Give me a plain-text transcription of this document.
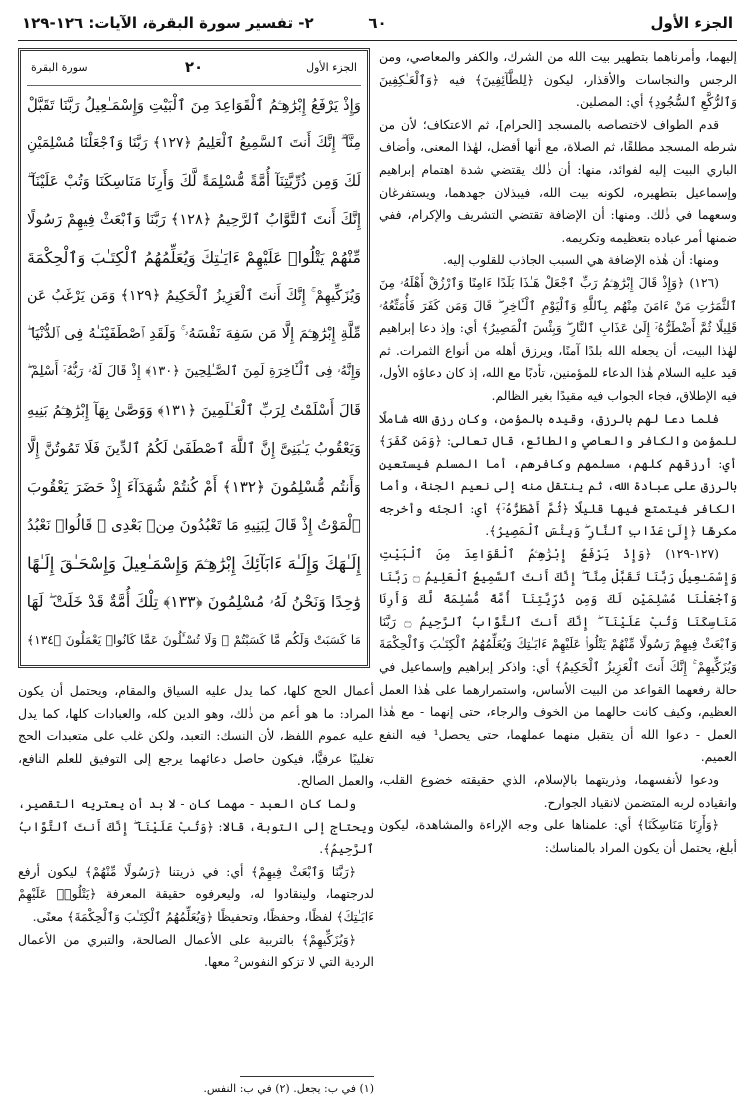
الجزء الأول
٦٠
٢- تفسير سورة البقرة، الآيات: ١٢٦-١٢٩

إليهما، وأمرناهما بتطهير بيت الله من الشرك، والكفر والمعاصي، ومن الرجس والنجاسات والأقذار، ليكون ﴿لِلطَّآئِفِينَ﴾ فيه ﴿وَٱلْعَـٰكِفِينَ وَٱلرُّكَّعِ ٱلسُّجُودِ﴾ أي: المصلين.

قدم الطواف لاختصاصه بالمسجد [الحرام]، ثم الاعتكاف؛ لأن من شرطه المسجد مطلقًا، ثم الصلاة، مع أنها أفضل، لهٰذا المعنى، وأضاف الباري البيت إليه لفوائد، منها: أن ذٰلك يقتضي شدة اهتمام إبراهيم وإسماعيل بتطهيره، لكونه بيت الله، فيبذلان جهدهما، ويستفرغان وسعهما في ذٰلك. ومنها: أن الإضافة تقتضي التشريف والإكرام، ففي ضمنها أمر عباده بتعظيمه وتكريمه.

ومنها: أن هٰذه الإضافة هي السبب الجاذب للقلوب إليه.

(١٢٦) ﴿وَإِذْ قَالَ إِبْرَٰهِـۧمُ رَبِّ ٱجْعَلْ هَـٰذَا بَلَدًا ءَامِنًا وَٱرْزُقْ أَهْلَهُۥ مِنَ ٱلثَّمَرَٰتِ مَنْ ءَامَنَ مِنْهُم بِٱللَّهِ وَٱلْيَوْمِ ٱلْـَٔاخِرِ ۖ قَالَ وَمَن كَفَرَ فَأُمَتِّعُهُۥ قَلِيلًا ثُمَّ أَضْطَرُّهُۥٓ إِلَىٰ عَذَابِ ٱلنَّارِ ۖ وَبِئْسَ ٱلْمَصِيرُ﴾ أي: وإذ دعا إبراهيم لهٰذا البيت، أن يجعله الله بلدًا آمنًا، ويرزق أهله من أنواع الثمرات. ثم قيد عليه السلام هٰذا الدعاء للمؤمنين، تأدبًا مع الله، إذ كان دعاؤه الأول، فيه الإطلاق، فجاء الجواب فيه مقيدًا بغير الظالم.

فلما دعا لهم بالرزق، وقيده بالمؤمن، وكان رزق الله شاملًا للمؤمن والكافر والعاصي والطائع، قال تعالى: ﴿وَمَن كَفَرَ﴾ أي: أرزقهم كلهم، مسلمهم وكافرهم، أما المسلم فيستعين بالرزق على عبادة الله، ثم ينتقل منه إلى نعيم الجنة، وأما الكافر فيتمتع فيها قليلًا ﴿ثُمَّ أَضْطَرُّهُۥٓ﴾ أي: ألجئه وأخرجه مكرهًا ﴿إِلَىٰ عَذَابِ ٱلنَّارِ ۖ وَبِئْسَ ٱلْمَصِيرُ﴾.

(١٢٧-١٢٩) ﴿وَإِذْ يَرْفَعُ إِبْرَٰهِـۧمُ ٱلْقَوَاعِدَ مِنَ ٱلْبَيْتِ وَإِسْمَـٰعِيلُ رَبَّنَا تَقَبَّلْ مِنَّآ ۖ إِنَّكَ أَنتَ ٱلسَّمِيعُ ٱلْعَلِيمُ ۝ رَبَّنَا وَٱجْعَلْنَا مُسْلِمَيْنِ لَكَ وَمِن ذُرِّيَّتِنَآ أُمَّةً مُّسْلِمَةً لَّكَ وَأَرِنَا مَنَاسِكَنَا وَتُبْ عَلَيْنَآ ۖ إِنَّكَ أَنتَ ٱلتَّوَّابُ ٱلرَّحِيمُ ۝ رَبَّنَا وَٱبْعَثْ فِيهِمْ رَسُولًا مِّنْهُمْ يَتْلُوا۟ عَلَيْهِمْ ءَايَـٰتِكَ وَيُعَلِّمُهُمُ ٱلْكِتَـٰبَ وَٱلْحِكْمَةَ وَيُزَكِّيهِمْ ۚ إِنَّكَ أَنتَ ٱلْعَزِيزُ ٱلْحَكِيمُ﴾ أي: واذكر إبراهيم وإسماعيل في حالة رفعهما القواعد من البيت الأساس، واستمرارهما على هٰذا العمل العظيم، وكيف كانت حالهما من الخوف والرجاء، حتى إنهما - مع هٰذا العمل - دعوا الله أن يتقبل منهما عملهما، حتى يحصل¹ فيه النفع العميم.

ودعوا لأنفسهما، وذريتهما بالإسلام، الذي حقيقته خضوع القلب، وانقياده لربه المتضمن لانقياد الجوارح.

﴿وَأَرِنَا مَنَاسِكَنَا﴾ أي: علمناها على وجه الإراءة والمشاهدة، ليكون أبلغ، يحتمل أن يكون المراد بالمناسك:

الجزء الأول
٢٠
سورة البقرة
وَإِذْ يَرْفَعُ إِبْرَٰهِـۧمُ ٱلْقَوَاعِدَ مِنَ ٱلْبَيْتِ وَإِسْمَـٰعِيلُ رَبَّنَا تَقَبَّلْ
مِنَّآ ۖ إِنَّكَ أَنتَ ٱلسَّمِيعُ ٱلْعَلِيمُ ﴿١٢٧﴾ رَبَّنَا وَٱجْعَلْنَا مُسْلِمَيْنِ
لَكَ وَمِن ذُرِّيَّتِنَآ أُمَّةً مُّسْلِمَةً لَّكَ وَأَرِنَا مَنَاسِكَنَا وَتُبْ عَلَيْنَآ ۖ
إِنَّكَ أَنتَ ٱلتَّوَّابُ ٱلرَّحِيمُ ﴿١٢٨﴾ رَبَّنَا وَٱبْعَثْ فِيهِمْ رَسُولًا
مِّنْهُمْ يَتْلُوا۟ عَلَيْهِمْ ءَايَـٰتِكَ وَيُعَلِّمُهُمُ ٱلْكِتَـٰبَ وَٱلْحِكْمَةَ
وَيُزَكِّيهِمْ ۚ إِنَّكَ أَنتَ ٱلْعَزِيزُ ٱلْحَكِيمُ ﴿١٢٩﴾ وَمَن يَرْغَبُ عَن
مِّلَّةِ إِبْرَٰهِـۧمَ إِلَّا مَن سَفِهَ نَفْسَهُۥ ۚ وَلَقَدِ ٱصْطَفَيْنَـٰهُ فِى ٱلدُّنْيَا ۖ
وَإِنَّهُۥ فِى ٱلْـَٔاخِرَةِ لَمِنَ ٱلصَّـٰلِحِينَ ﴿١٣٠﴾ إِذْ قَالَ لَهُۥ رَبُّهُۥٓ أَسْلِمْ ۖ
قَالَ أَسْلَمْتُ لِرَبِّ ٱلْعَـٰلَمِينَ ﴿١٣١﴾ وَوَصَّىٰ بِهَآ إِبْرَٰهِـۧمُ بَنِيهِ
وَيَعْقُوبُ يَـٰبَنِىَّ إِنَّ ٱللَّهَ ٱصْطَفَىٰ لَكُمُ ٱلدِّينَ فَلَا تَمُوتُنَّ إِلَّا
وَأَنتُم مُّسْلِمُونَ ﴿١٣٢﴾ أَمْ كُنتُمْ شُهَدَآءَ إِذْ حَضَرَ يَعْقُوبَ
ٱلْمَوْتُ إِذْ قَالَ لِبَنِيهِ مَا تَعْبُدُونَ مِنۢ بَعْدِى ۖ قَالُوا۟ نَعْبُدُ
إِلَـٰهَكَ وَإِلَـٰهَ ءَابَآئِكَ إِبْرَٰهِـۧمَ وَإِسْمَـٰعِيلَ وَإِسْحَـٰقَ إِلَـٰهًا
وَٰحِدًا وَنَحْنُ لَهُۥ مُسْلِمُونَ ﴿١٣٣﴾ تِلْكَ أُمَّةٌ قَدْ خَلَتْ ۖ لَهَا
مَا كَسَبَتْ وَلَكُم مَّا كَسَبْتُمْ ۖ وَلَا تُسْـَٔلُونَ عَمَّا كَانُوا۟ يَعْمَلُونَ ﴿١٣٤﴾

أعمال الحج كلها، كما يدل عليه السياق والمقام، ويحتمل أن يكون المراد: ما هو أعم من ذٰلك، وهو الدين كله، والعبادات كلها، كما يدل عليه عموم اللفظ، لأن النسك: التعبد، ولكن غلب على متعبدات الحج تغليبًا عرفيًّا، فيكون حاصل دعائهما يرجع إلى التوفيق للعلم النافع، والعمل الصالح.

ولما كان العبد - مهما كان - لا بد أن يعتريه التقصير، ويحتاج إلى التوبة، قالا: ﴿وَتُبْ عَلَيْنَآ ۖ إِنَّكَ أَنتَ ٱلتَّوَّابُ ٱلرَّحِيمُ﴾.

﴿رَبَّنَا وَٱبْعَثْ فِيهِمْ﴾ أي: في ذريتنا ﴿رَسُولًا مِّنْهُمْ﴾ ليكون أرفع لدرجتهما، ولينقادوا له، وليعرفوه حقيقة المعرفة ﴿يَتْلُوا۟ عَلَيْهِمْ ءَايَـٰتِكَ﴾ لفظًا، وحفظًا، وتحفيظًا ﴿وَيُعَلِّمُهُمُ ٱلْكِتَـٰبَ وَٱلْحِكْمَةَ﴾ معنًى.

﴿وَيُزَكِّيهِمْ﴾ بالتربية على الأعمال الصالحة، والتبري من الأعمال الردية التي لا تزكو النفوس² معها.

(١) في ب: يجعل. (٢) في ب: النفس.
